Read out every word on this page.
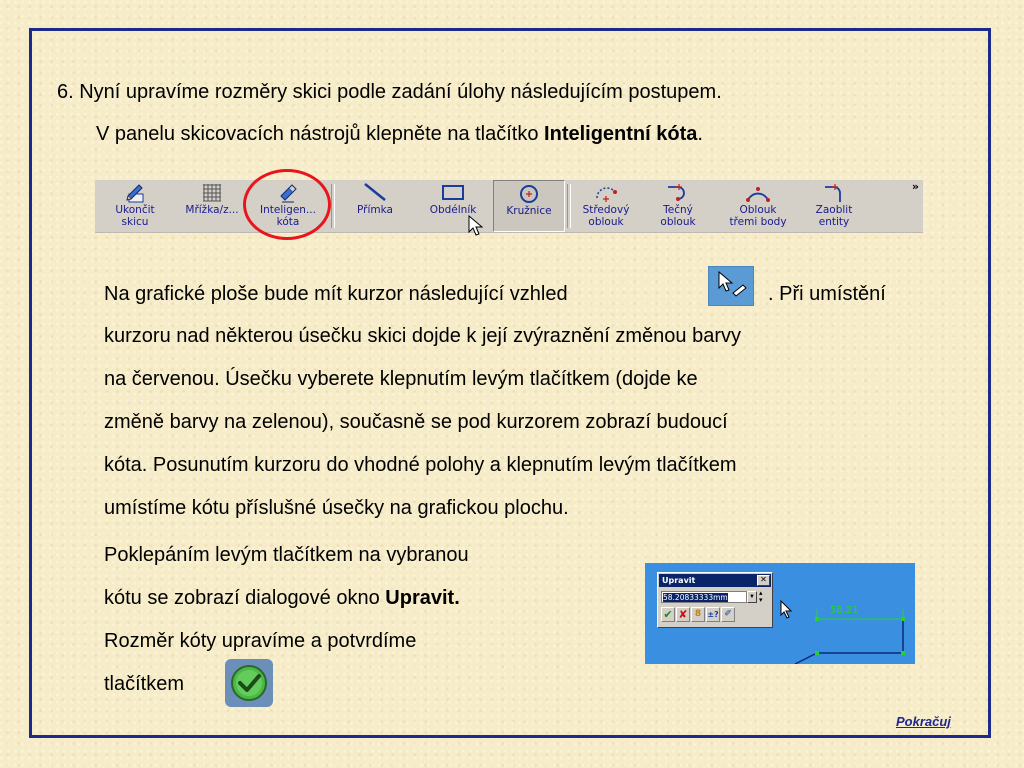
6. Nyní upravíme rozměry skici podle zadání úlohy následujícím postupem.
V panelu skicovacích nástrojů klepněte na tlačítko Inteligentní kóta.
Ukončit
skicu
Mřížka/z...	Inteligen...
kóta
Přímka	Obdélník	Kružnice	Středový
oblouk
Tečný
oblouk
Oblouk
třemi body
Zaoblit
entity
»
Na grafické ploše bude mít kurzor následující vzhled	. Při umístění
kurzoru nad některou úsečku skici dojde k její zvýraznění změnou barvy
na červenou. Úsečku vyberete klepnutím levým tlačítkem (dojde ke
změně barvy na zelenou), současně se pod kurzorem zobrazí budoucí
kóta. Posunutím kurzoru do vhodné polohy a klepnutím levým tlačítkem
umístíme kótu příslušné úsečky na grafickou plochu.
Poklepáním levým tlačítkem na vybranou
kótu se zobrazí dialogové okno Upravit.
Rozměr kóty upravíme a potvrdíme
tlačítkem
Upravit	✕
58.20833333mm	▼ ▴
▾
✔ ✘ 8 ±? ✐	58.21
Pokračuj
